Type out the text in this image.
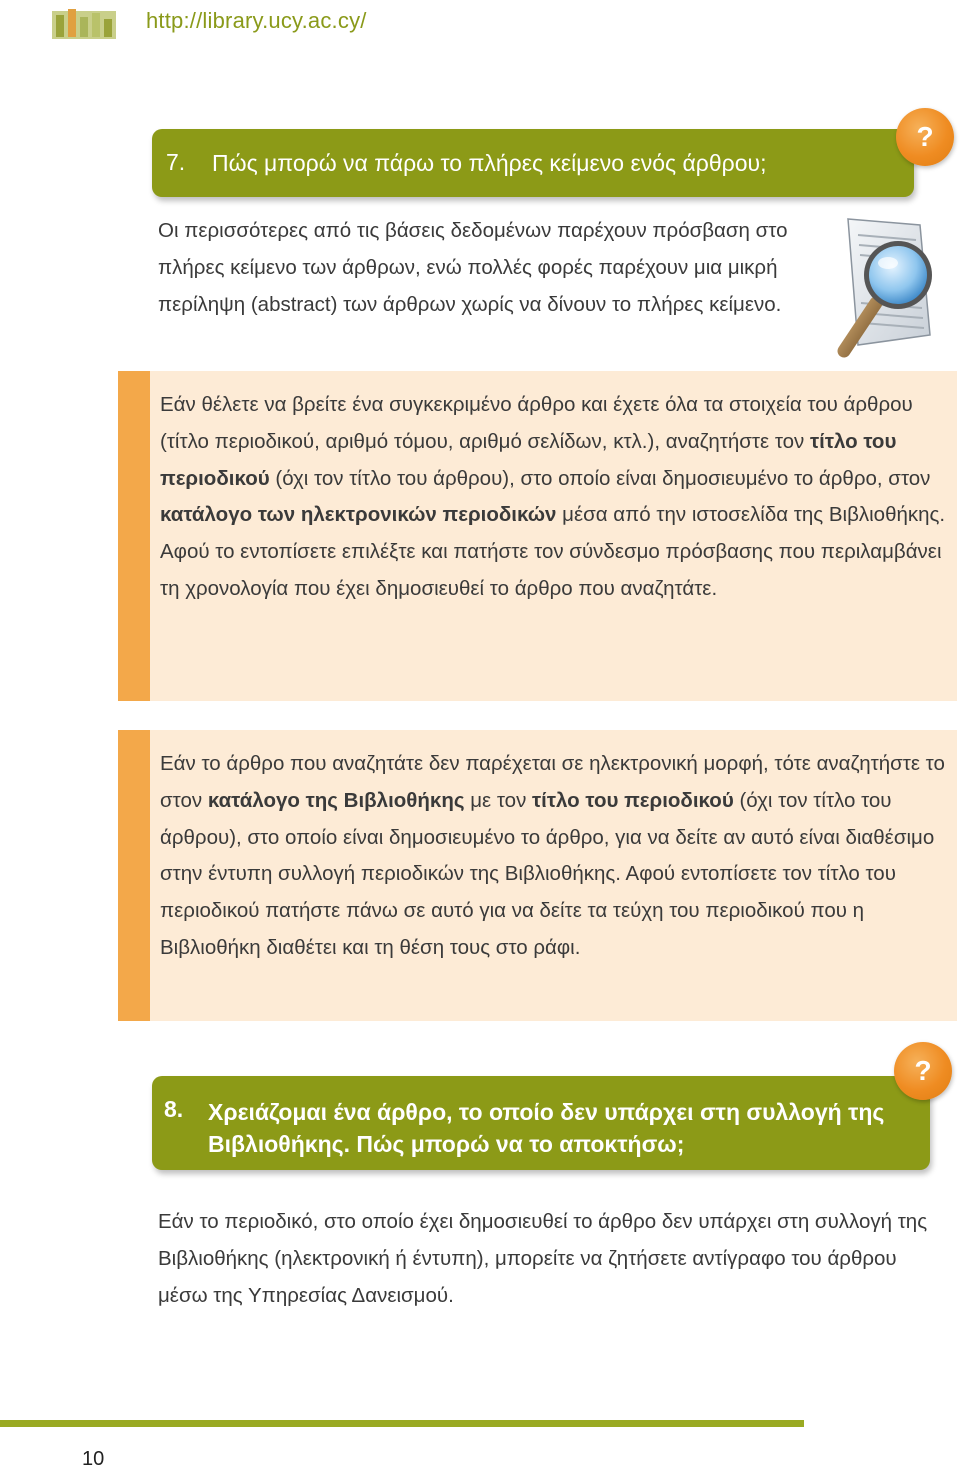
http://library.ucy.ac.cy/
7. Πώς μπορώ να πάρω το πλήρες κείμενο ενός άρθρου;
?
Οι περισσότερες από τις βάσεις δεδομένων παρέχουν πρόσβαση στο πλήρες κείμενο των άρθρων, ενώ πολλές φορές παρέχουν μια μικρή περίληψη (abstract) των άρθρων χωρίς να δίνουν το πλήρες κείμενο.
Εάν θέλετε να βρείτε ένα συγκεκριμένο άρθρο και έχετε όλα τα στοιχεία του άρθρου (τίτλο περιοδικού, αριθμό τόμου, αριθμό σελίδων, κτλ.), αναζητήστε τον τίτλο του περιοδικού (όχι τον τίτλο του άρθρου), στο οποίο είναι δημοσιευμένο το άρθρο, στον κατάλογο των ηλεκτρονικών περιοδικών μέσα από την ιστοσελίδα της Βιβλιοθήκης. Αφού το εντοπίσετε επιλέξτε και πατήστε τον σύνδεσμο πρόσβασης που περιλαμβάνει τη χρονολογία που έχει δημοσιευθεί το άρθρο που αναζητάτε.
Εάν το άρθρο που αναζητάτε δεν παρέχεται σε ηλεκτρονική μορφή, τότε αναζητήστε το στον κατάλογο της Βιβλιοθήκης με τον τίτλο του περιοδικού (όχι τον τίτλο του άρθρου), στο οποίο είναι δημοσιευμένο το άρθρο, για να δείτε αν αυτό είναι διαθέσιμο στην έντυπη συλλογή περιοδικών της Βιβλιοθήκης. Αφού εντοπίσετε τον τίτλο του περιοδικού πατήστε πάνω σε αυτό για να δείτε τα τεύχη του περιοδικού που η Βιβλιοθήκη διαθέτει και τη θέση τους στο ράφι.
8. Χρειάζομαι ένα άρθρο, το οποίο δεν υπάρχει στη συλλογή της Βιβλιοθήκης. Πώς μπορώ να το αποκτήσω;
?
Εάν το περιοδικό, στο οποίο έχει δημοσιευθεί το άρθρο δεν υπάρχει στη συλλογή της Βιβλιοθήκης (ηλεκτρονική ή έντυπη), μπορείτε να ζητήσετε αντίγραφο του άρθρου μέσω της Υπηρεσίας Δανεισμού.
10
